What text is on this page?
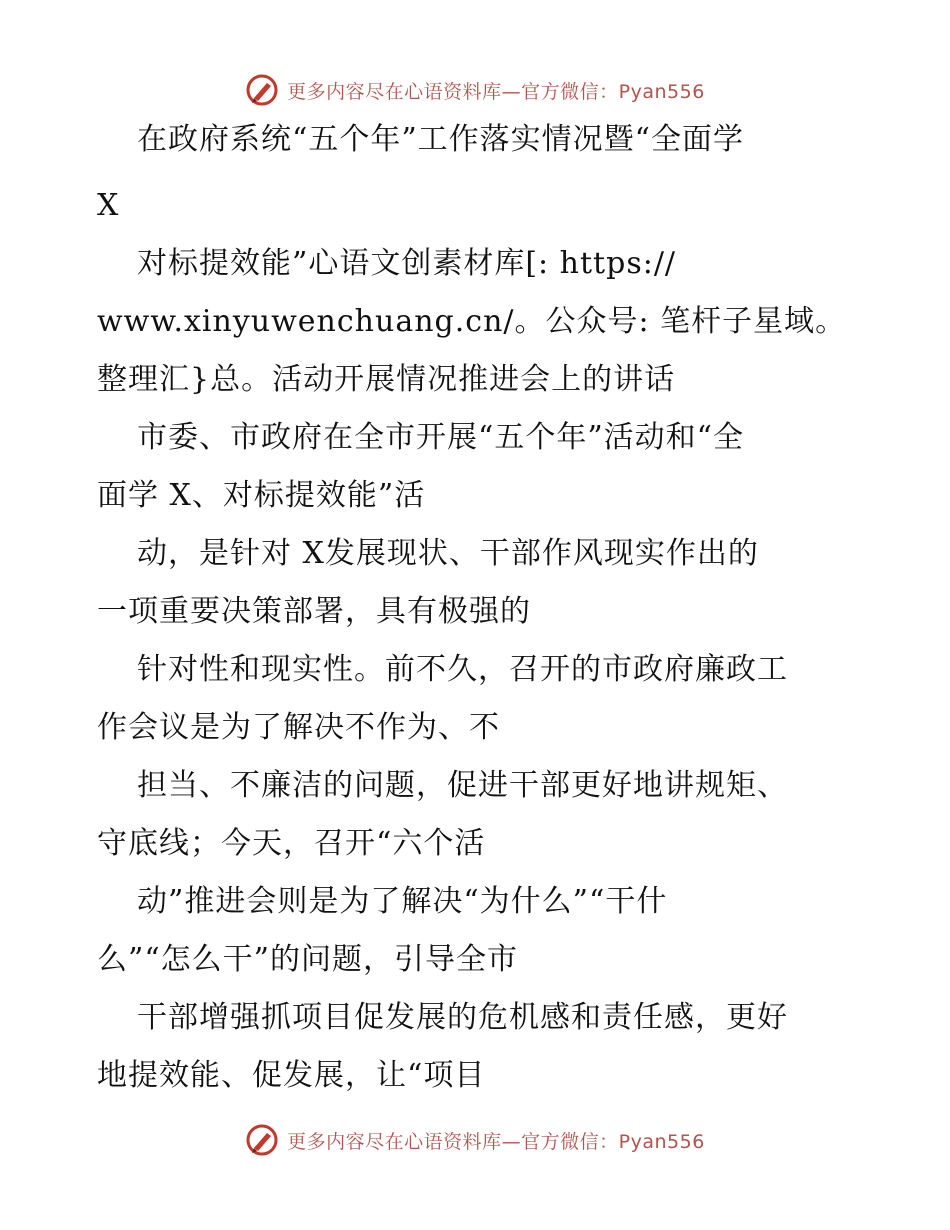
更多内容尽在心语资料库—官方微信：Pyan556
在政府系统“五个年”工作落实情况暨“全面学
X
对标提效能”心语文创素材库[: https://
www.xinyuwenchuang.cn/。公众号: 笔杆子星域。
整理汇}总。活动开展情况推进会上的讲话
市委、市政府在全市开展“五个年”活动和“全
面学 X、对标提效能”活
动，是针对 X发展现状、干部作风现实作出的
一项重要决策部署，具有极强的
针对性和现实性。前不久，召开的市政府廉政工
作会议是为了解决不作为、不
担当、不廉洁的问题，促进干部更好地讲规矩、
守底线；今天，召开“六个活
动”推进会则是为了解决“为什么”“干什
么”“怎么干”的问题，引导全市
干部增强抓项目促发展的危机感和责任感，更好
地提效能、促发展，让“项目
更多内容尽在心语资料库—官方微信：Pyan556
